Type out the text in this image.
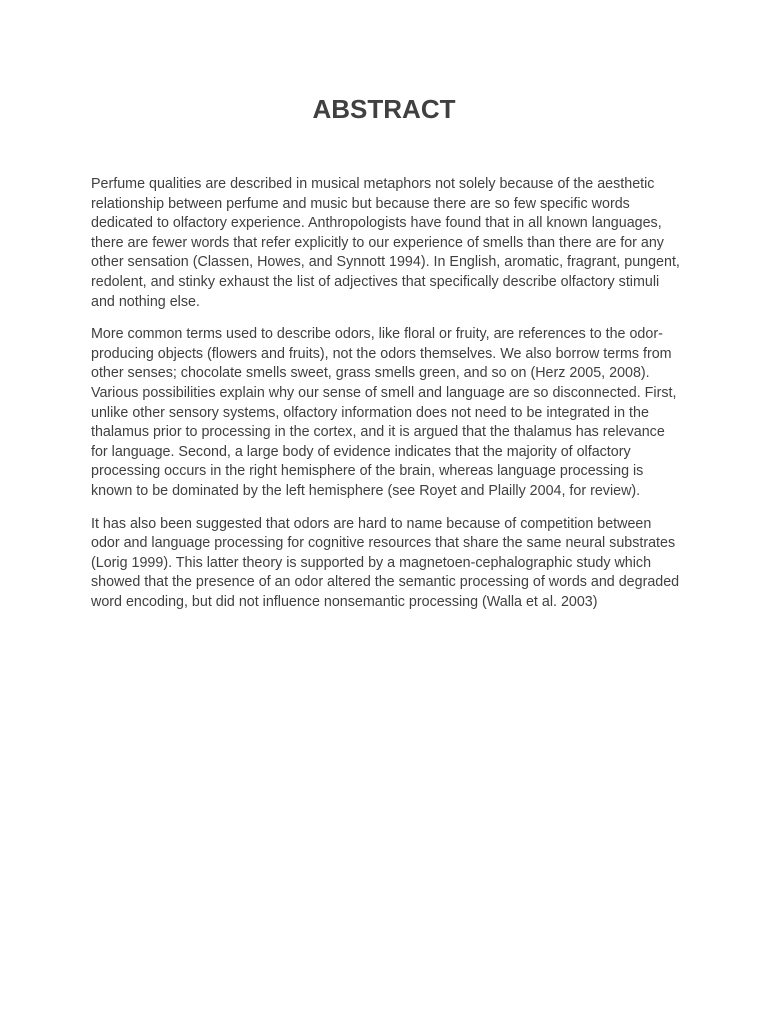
ABSTRACT

Perfume qualities are described in musical metaphors not solely because of the aesthetic relationship between perfume and music but because there are so few specific words dedicated to olfactory experience. Anthropologists have found that in all known languages, there are fewer words that refer explicitly to our experience of smells than there are for any other sensation (Classen, Howes, and Synnott 1994). In English, aromatic, fragrant, pungent, redolent, and stinky exhaust the list of adjectives that specifically describe olfactory stimuli and nothing else.

More common terms used to describe odors, like floral or fruity, are references to the odor-producing objects (flowers and fruits), not the odors themselves. We also borrow terms from other senses; chocolate smells sweet, grass smells green, and so on (Herz 2005, 2008). Various possibilities explain why our sense of smell and language are so disconnected. First, unlike other sensory systems, olfactory information does not need to be integrated in the thalamus prior to processing in the cortex, and it is argued that the thalamus has relevance for language. Second, a large body of evidence indicates that the majority of olfactory processing occurs in the right hemisphere of the brain, whereas language processing is known to be dominated by the left hemisphere (see Royet and Plailly 2004, for review).

It has also been suggested that odors are hard to name because of competition between odor and language processing for cognitive resources that share the same neural substrates (Lorig 1999). This latter theory is supported by a magnetoen-cephalographic study which showed that the presence of an odor altered the semantic processing of words and degraded word encoding, but did not influence nonsemantic processing (Walla et al. 2003)
